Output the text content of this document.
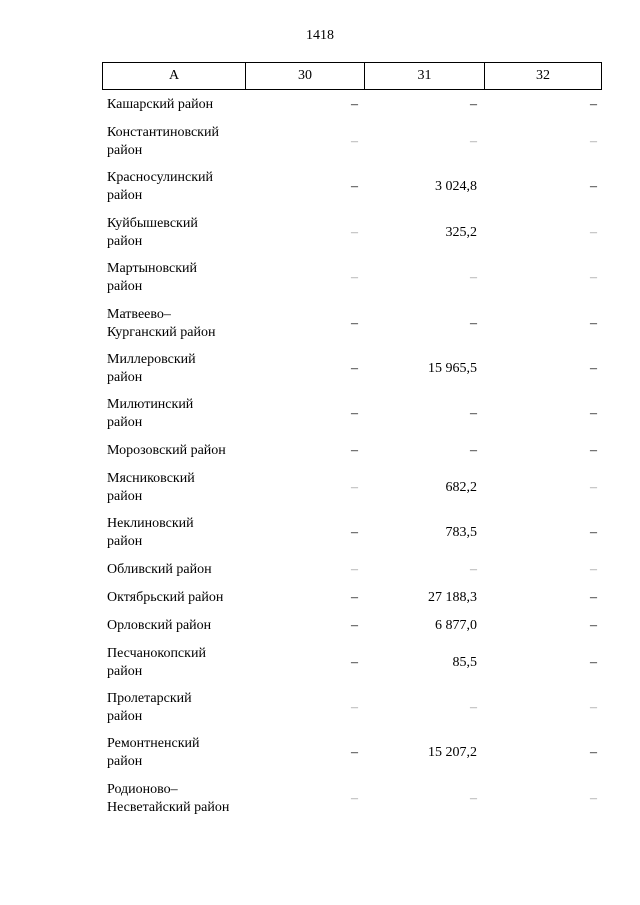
1418
А	30	31	32
Кашарский район	–	–	–
Константиновский
район
–	–	–
Красносулинский
район
–	3 024,8	–
Куйбышевский
район
–	325,2	–
Мартыновский
район
–	–	–
Матвеево–
Курганский район
–	–	–
Миллеровский
район
–	15 965,5	–
Милютинский
район
–	–	–
Морозовский район	–	–	–
Мясниковский
район
–	682,2	–
Неклиновский
район
–	783,5	–
Обливский район	–	–	–
Октябрьский район	–	27 188,3	–
Орловский район	–	6 877,0	–
Песчанокопский
район
–	85,5	–
Пролетарский
район
–	–	–
Ремонтненский
район
–	15 207,2	–
Родионово–
Несветайский район
–	–	–
